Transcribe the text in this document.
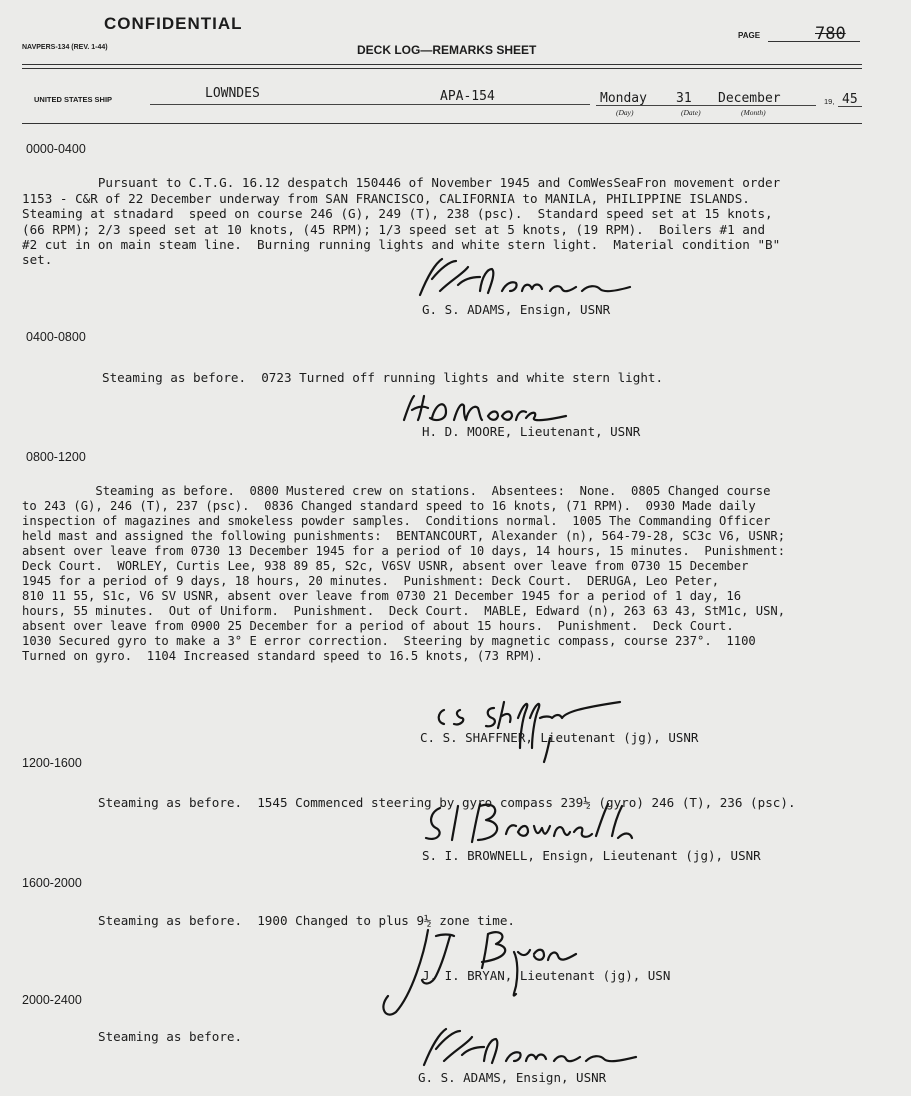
CONFIDENTIAL
NAVPERS-134 (REV. 1-44)	DECK LOG—REMARKS SHEET
PAGE	780
UNITED STATES SHIP	LOWNDES	APA-154	Monday 31 December	19, 45
(Day)	(Date)	(Month)
0000-0400

Pursuant to C.T.G. 16.12 despatch 150446 of November 1945 and ComWesSeaFron movement order
1153 - C&R of 22 December underway from SAN FRANCISCO, CALIFORNIA to MANILA, PHILIPPINE ISLANDS.
Steaming at stnadard  speed on course 246 (G), 249 (T), 238 (psc).  Standard speed set at 15 knots,
(66 RPM); 2/3 speed set at 10 knots, (45 RPM); 1/3 speed set at 5 knots, (19 RPM).  Boilers #1 and
#2 cut in on main steam line.  Burning running lights and white stern light.  Material condition "B"
set.

G. S. ADAMS, Ensign, USNR
0400-0800

Steaming as before.  0723 Turned off running lights and white stern light.

H. D. MOORE, Lieutenant, USNR
0800-1200

Steaming as before.  0800 Mustered crew on stations.  Absentees:  None.  0805 Changed course
to 243 (G), 246 (T), 237 (psc).  0836 Changed standard speed to 16 knots, (71 RPM).  0930 Made daily
inspection of magazines and smokeless powder samples.  Conditions normal.  1005 The Commanding Officer
held mast and assigned the following punishments:  BENTANCOURT, Alexander (n), 564-79-28, SC3c V6, USNR;
absent over leave from 0730 13 December 1945 for a period of 10 days, 14 hours, 15 minutes.  Punishment:
Deck Court.  WORLEY, Curtis Lee, 938 89 85, S2c, V6SV USNR, absent over leave from 0730 15 December
1945 for a period of 9 days, 18 hours, 20 minutes.  Punishment: Deck Court.  DERUGA, Leo Peter,
810 11 55, S1c, V6 SV USNR, absent over leave from 0730 21 December 1945 for a period of 1 day, 16
hours, 55 minutes.  Out of Uniform.  Punishment.  Deck Court.  MABLE, Edward (n), 263 63 43, StM1c, USN,
absent over leave from 0900 25 December for a period of about 15 hours.  Punishment.  Deck Court.
1030 Secured gyro to make a 3° E error correction.  Steering by magnetic compass, course 237°.  1100
Turned on gyro.  1104 Increased standard speed to 16.5 knots, (73 RPM).

C. S. SHAFFNER, Lieutenant (jg), USNR
1200-1600

Steaming as before.  1545 Commenced steering by gyro compass 239½ (gyro) 246 (T), 236 (psc).

S. I. BROWNELL, Ensign, Lieutenant (jg), USNR
1600-2000

Steaming as before.  1900 Changed to plus 9½ zone time.

J. I. BRYAN, Lieutenant (jg), USN
2000-2400

Steaming as before.

G. S. ADAMS, Ensign, USNR
